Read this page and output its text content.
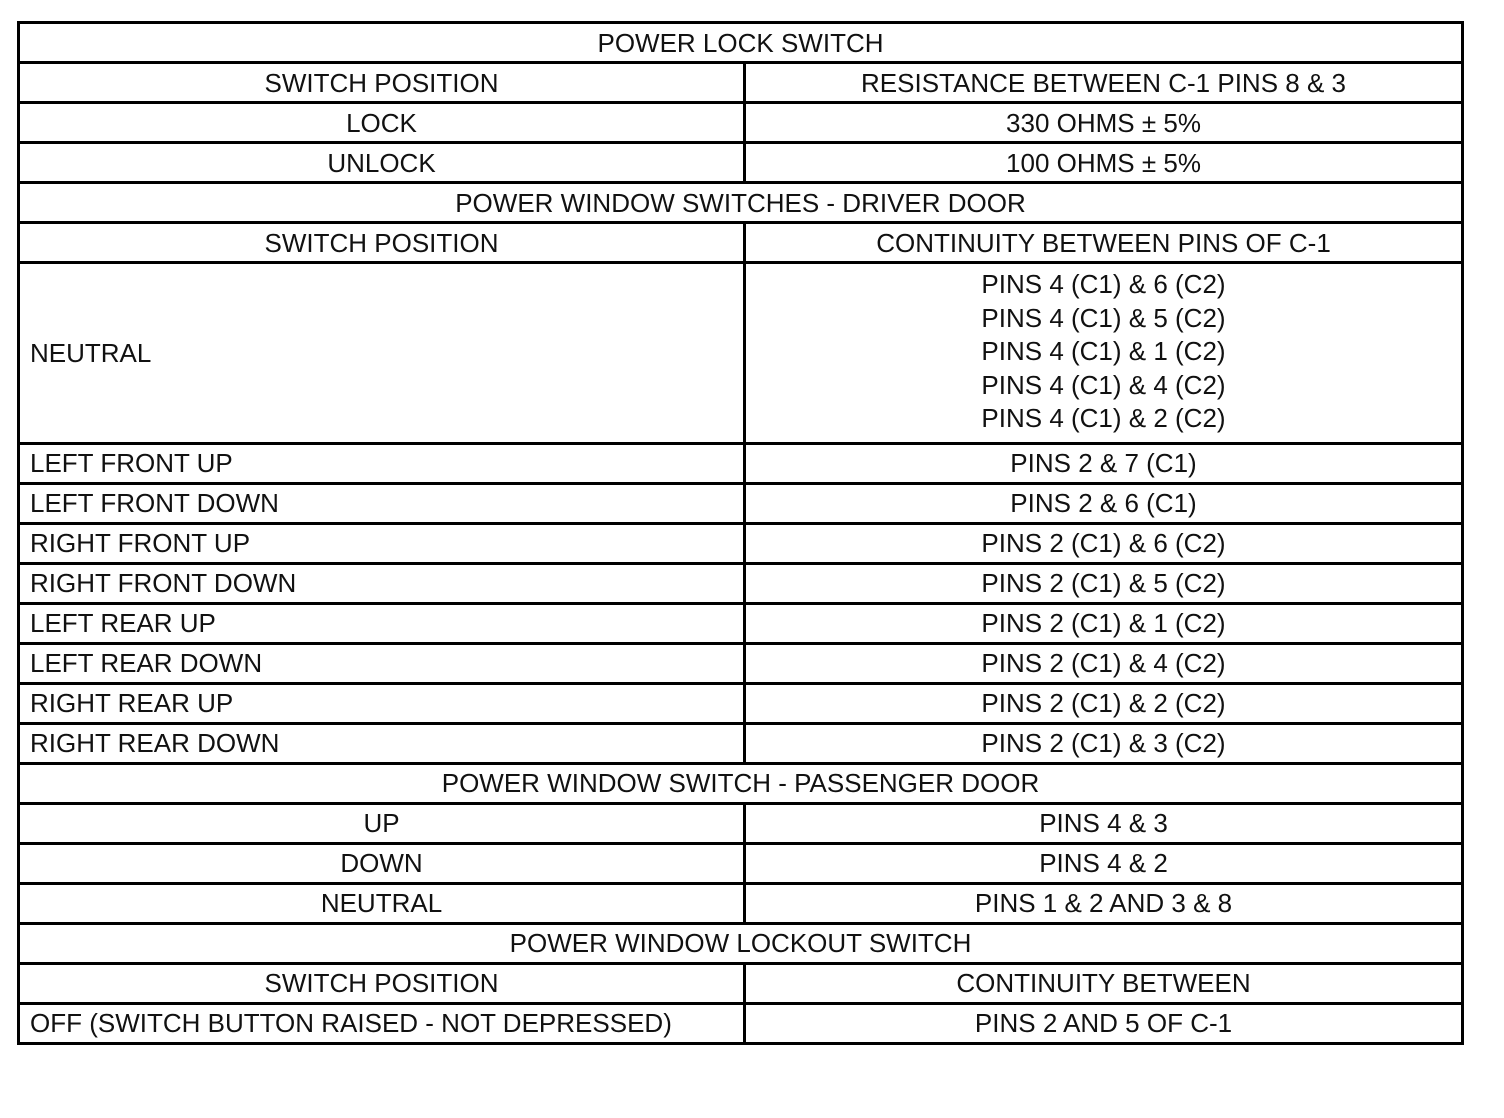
POWER LOCK SWITCH	
SWITCH POSITION	RESISTANCE BETWEEN C-1 PINS 8 & 3
LOCK	330 OHMS ± 5%
UNLOCK	100 OHMS ± 5%
POWER WINDOW SWITCHES - DRIVER DOOR	
SWITCH POSITION	CONTINUITY BETWEEN PINS OF C-1
NEUTRAL	PINS 4 (C1) & 6 (C2)
PINS 4 (C1) & 5 (C2)
PINS 4 (C1) & 1 (C2)
PINS 4 (C1) & 4 (C2)
PINS 4 (C1) & 2 (C2)

LEFT FRONT UP	PINS 2 & 7 (C1)
LEFT FRONT DOWN	PINS 2 & 6 (C1)
RIGHT FRONT UP	PINS 2 (C1) & 6 (C2)
RIGHT FRONT DOWN	PINS 2 (C1) & 5 (C2)
LEFT REAR UP	PINS 2 (C1) & 1 (C2)
LEFT REAR DOWN	PINS 2 (C1) & 4 (C2)
RIGHT REAR UP	PINS 2 (C1) & 2 (C2)
RIGHT REAR DOWN	PINS 2 (C1) & 3 (C2)
POWER WINDOW SWITCH - PASSENGER DOOR	
UP	PINS 4 & 3
DOWN	PINS 4 & 2
NEUTRAL	PINS 1 & 2 AND 3 & 8
POWER WINDOW LOCKOUT SWITCH	
SWITCH POSITION	CONTINUITY BETWEEN
OFF (SWITCH BUTTON RAISED - NOT DEPRESSED)	PINS 2 AND 5 OF C-1
